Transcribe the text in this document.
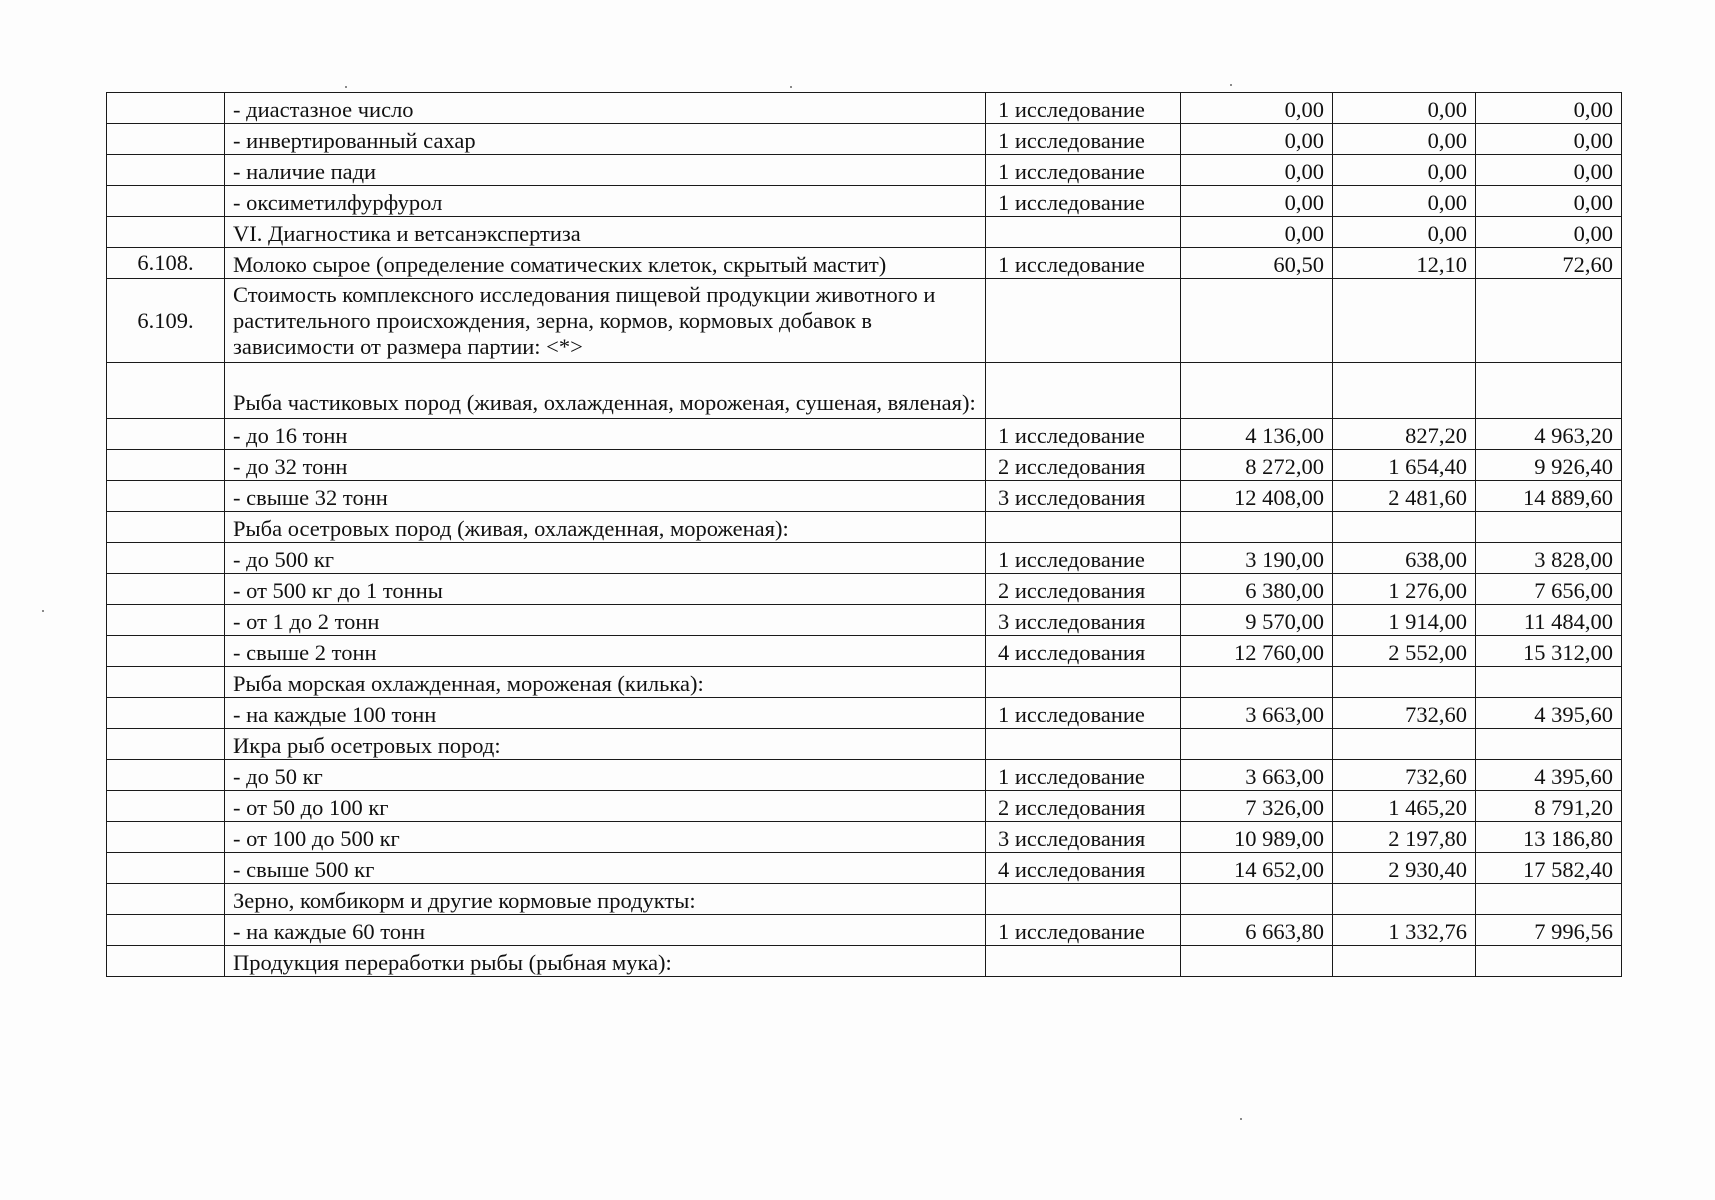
	- диастазное число	1 исследование	0,00	0,00	0,00
	- инвертированный сахар	1 исследование	0,00	0,00	0,00
	- наличие пади	1 исследование	0,00	0,00	0,00
	- оксиметилфурфурол	1 исследование	0,00	0,00	0,00
	VI. Диагностика и ветсанэкспертиза		0,00	0,00	0,00
6.108.	Молоко сырое (определение соматических клеток, скрытый мастит)	1 исследование	60,50	12,10	72,60
6.109.	Стоимость комплексного исследования пищевой продукции животного и растительного происхождения, зерна, кормов, кормовых добавок в зависимости от размера партии: <*>				
	Рыба частиковых пород (живая, охлажденная, мороженая, сушеная, вяленая):				
	- до 16 тонн	1 исследование	4 136,00	827,20	4 963,20
	- до 32 тонн	2 исследования	8 272,00	1 654,40	9 926,40
	- свыше 32 тонн	3 исследования	12 408,00	2 481,60	14 889,60
	Рыба осетровых пород (живая, охлажденная, мороженая):				
	- до 500 кг	1 исследование	3 190,00	638,00	3 828,00
	- от 500 кг до 1 тонны	2 исследования	6 380,00	1 276,00	7 656,00
	- от 1 до 2 тонн	3 исследования	9 570,00	1 914,00	11 484,00
	- свыше 2 тонн	4 исследования	12 760,00	2 552,00	15 312,00
	Рыба морская охлажденная, мороженая (килька):				
	- на каждые 100 тонн	1 исследование	3 663,00	732,60	4 395,60
	Икра рыб осетровых пород:				
	- до 50 кг	1 исследование	3 663,00	732,60	4 395,60
	- от 50 до 100 кг	2 исследования	7 326,00	1 465,20	8 791,20
	- от 100 до 500 кг	3 исследования	10 989,00	2 197,80	13 186,80
	- свыше 500 кг	4 исследования	14 652,00	2 930,40	17 582,40
	Зерно, комбикорм и другие кормовые продукты:				
	- на каждые 60 тонн	1 исследование	6 663,80	1 332,76	7 996,56
	Продукция переработки рыбы (рыбная мука):				
